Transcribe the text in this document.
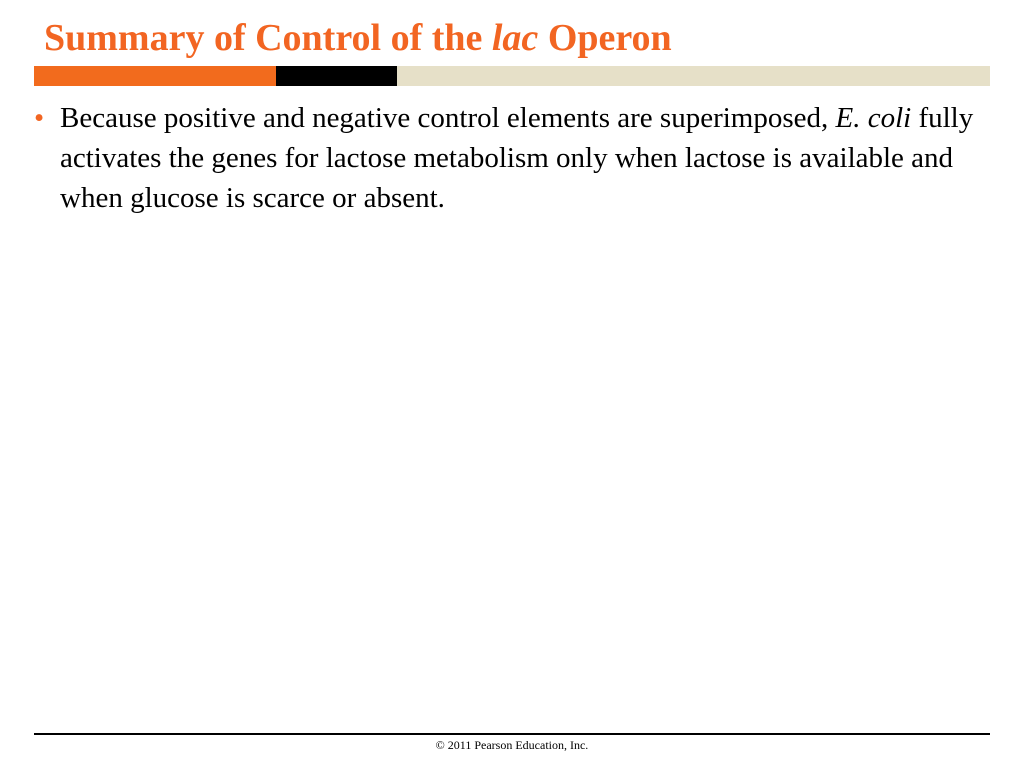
Summary of Control of the lac Operon
• Because positive and negative control elements are superimposed, E. coli fully activates the genes for lactose metabolism only when lactose is available and when glucose is scarce or absent.
© 2011 Pearson Education, Inc.
